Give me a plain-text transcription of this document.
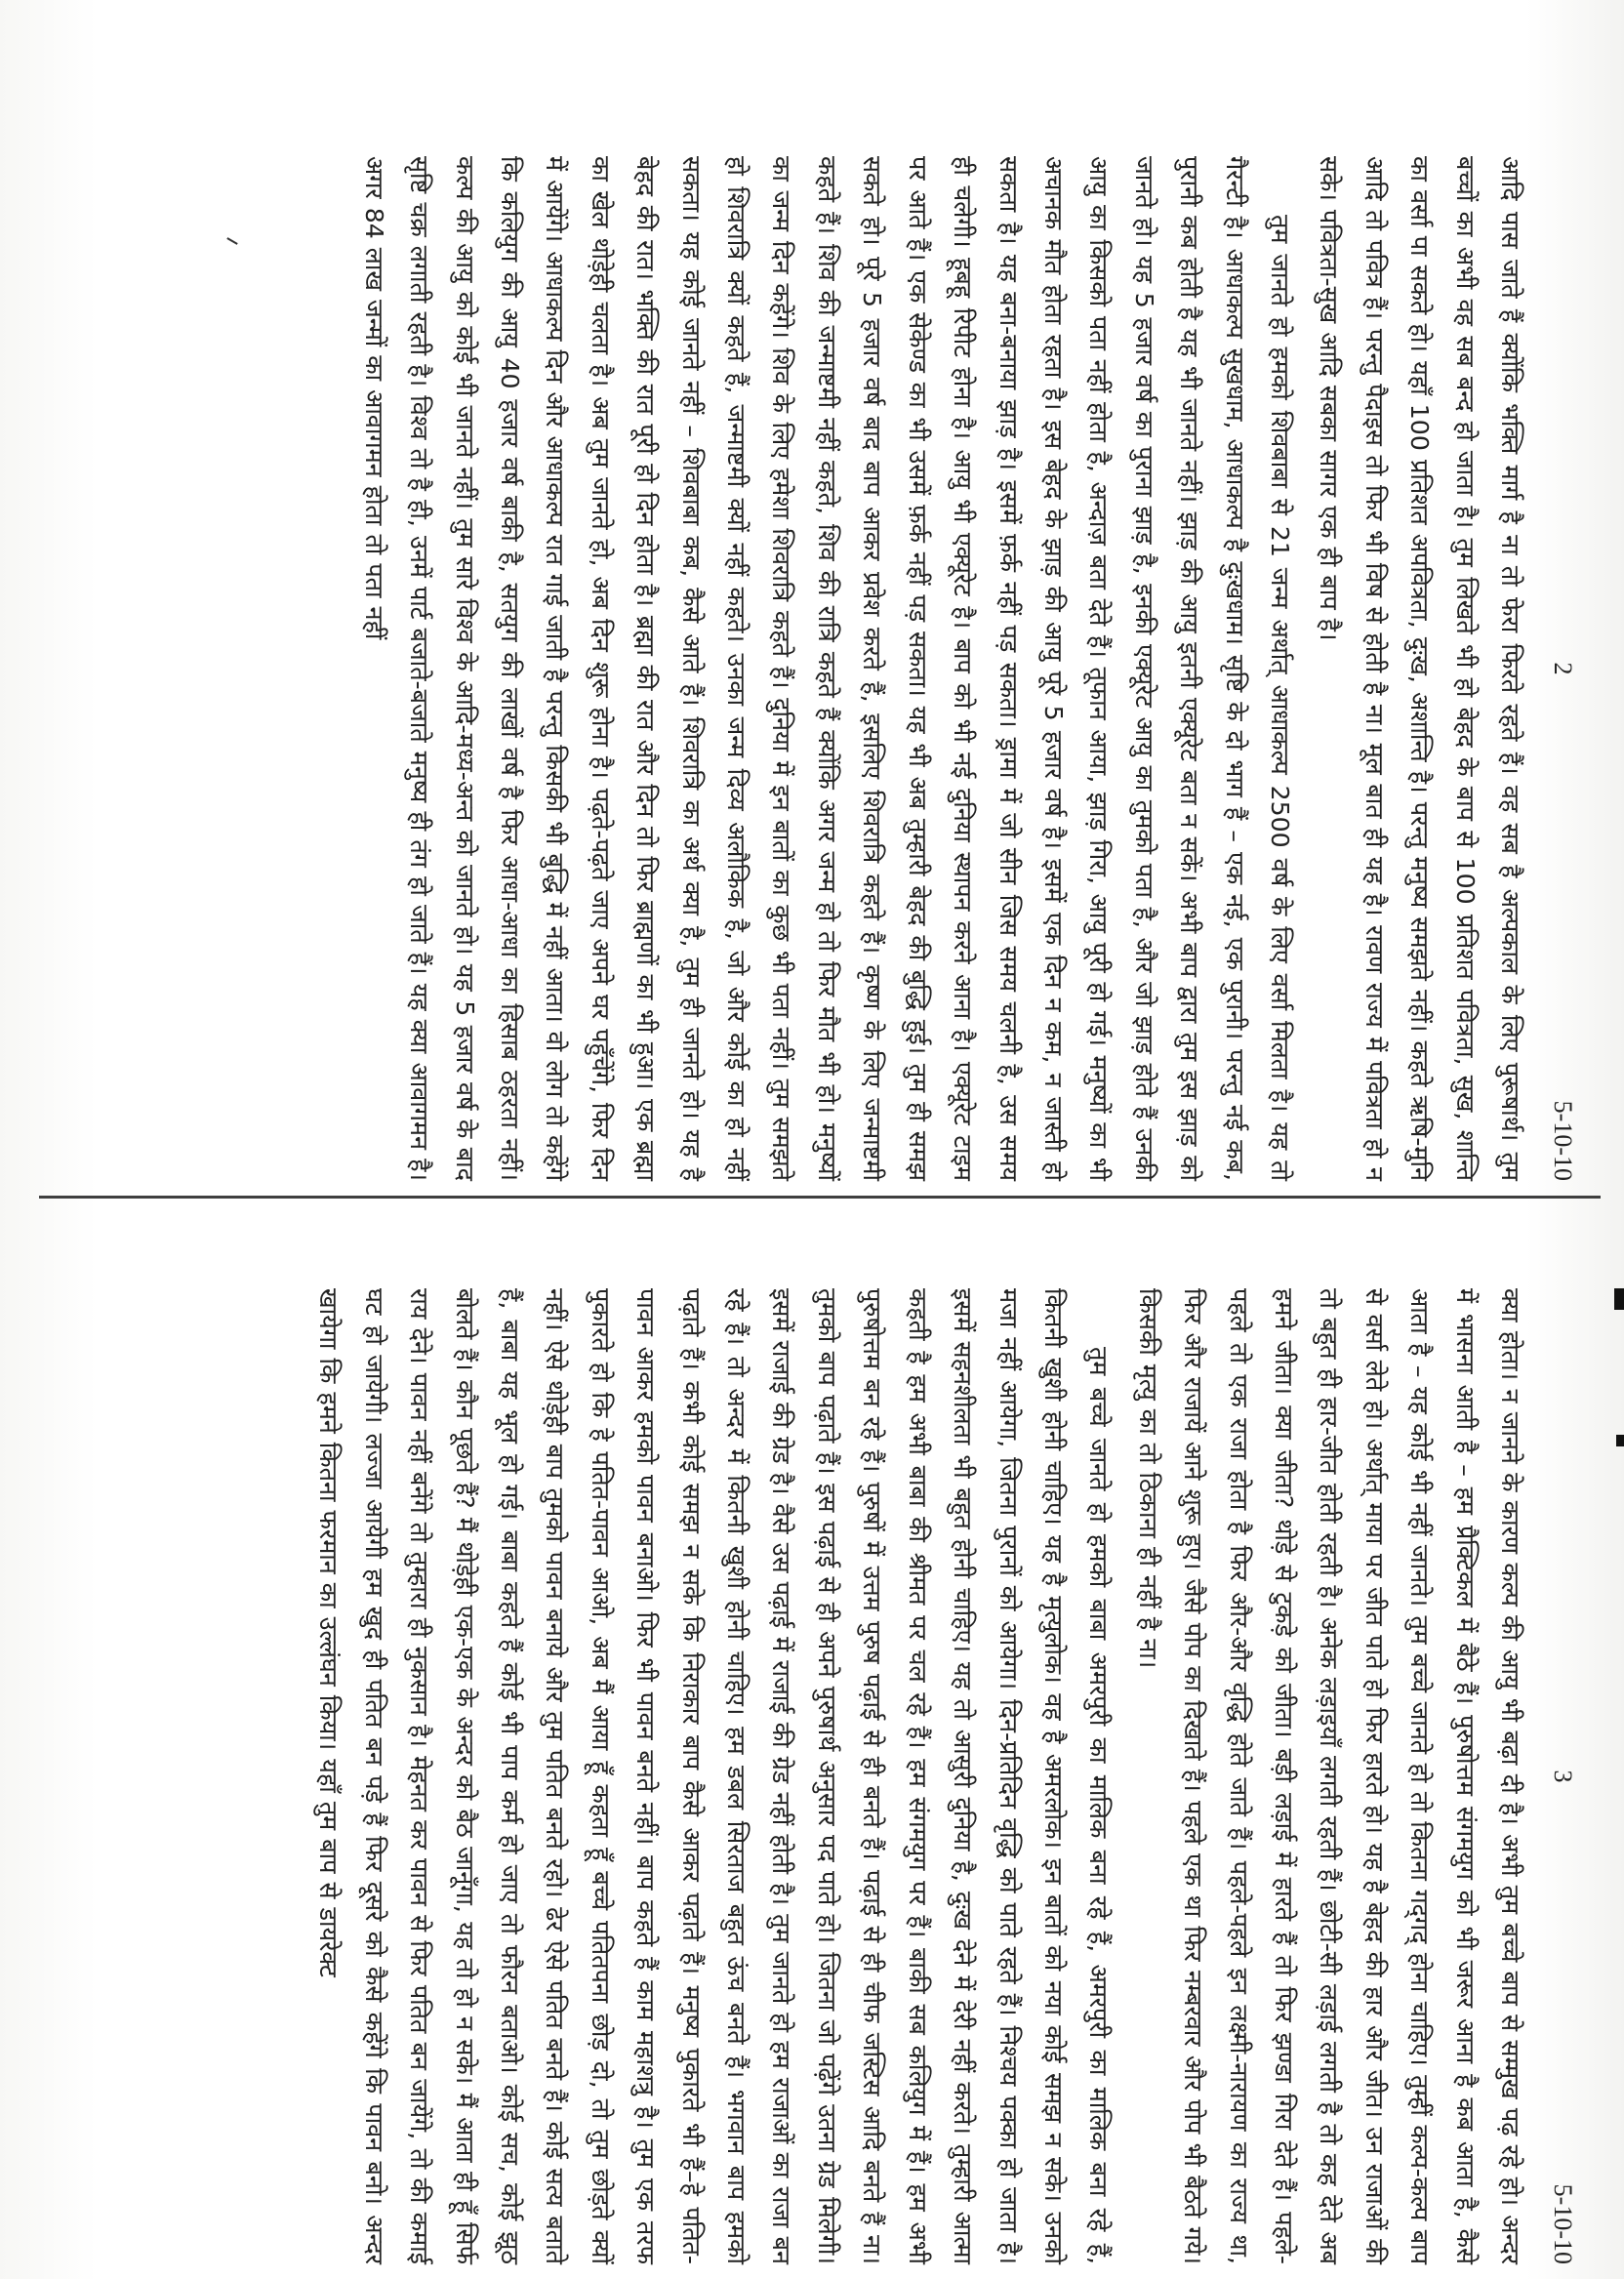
2
5-10-10

आदि पास जाते हैं क्योंकि भक्ति मार्ग है ना तो फेरा फिरते रहते हैं। वह सब है अल्पकाल के लिए पुरूषार्थ। तुम बच्चों का अभी वह सब बन्द हो जाता है। तुम लिखते भी हो बेहद के बाप से 100 प्रतिशत पवित्रता, सुख, शान्ति का वर्सा पा सकते हो। यहाँ 100 प्रतिशत अपवित्रता, दुःख, अशान्ति है। परन्तु मनुष्य समझते नहीं। कहते ऋषि-मुनि आदि तो पवित्र हैं। परन्तु पैदाइस तो फिर भी विष से होती है ना। मूल बात ही यह है। रावण राज्य में पवित्रता हो न सके। पवित्रता-सुख आदि सबका सागर एक ही बाप है।

तुम जानते हो हमको शिवबाबा से 21 जन्म अर्थात् आधाकल्प 2500 वर्ष के लिए वर्सा मिलता है। यह तो गैरन्टी है। आधाकल्प सुखधाम, आधाकल्प है दुःखधाम। सृष्टि के दो भाग हैं – एक नई, एक पुरानी। परन्तु नई कब, पुरानी कब होती है यह भी जानते नहीं। झाड़ की आयु इतनी एक्यूरेट बता न सकें। अभी बाप द्वारा तुम इस झाड़ को जानते हो। यह 5 हजार वर्ष का पुराना झाड़ है, इनकी एक्यूरेट आयु का तुमको पता है, और जो झाड़ होते हैं उनकी आयु का किसको पता नहीं होता है, अन्दाज़ बता देते हैं। तूफान आया, झाड़ गिरा, आयु पूरी हो गई। मनुष्यों का भी अचानक मौत होता रहता है। इस बेहद के झाड़ की आयु पूरे 5 हजार वर्ष है। इसमें एक दिन न कम, न जास्ती हो सकता है। यह बना-बनाया झाड़ है। इसमें फ़र्क नहीं पड़ सकता। ड्रामा में जो सीन जिस समय चलनी है, उस समय ही चलेगी। हूबहू रिपीट होना है। आयु भी एक्यूरेट है। बाप को भी नई दुनिया स्थापन करने आना है। एक्यूरेट टाइम पर आते हैं। एक सेकेण्ड का भी उसमें फ़र्क नहीं पड़ सकता। यह भी अब तुम्हारी बेहद की बुद्धि हुई। तुम ही समझ सकते हो। पूरे 5 हजार वर्ष बाद बाप आकर प्रवेश करते हैं, इसलिए शिवरात्रि कहते हैं। कृष्ण के लिए जन्माष्टमी कहते हैं। शिव की जन्माष्टमी नहीं कहते, शिव की रात्रि कहते हैं क्योंकि अगर जन्म हो तो फिर मौत भी हो। मनुष्यों का जन्म दिन कहेंगे। शिव के लिए हमेशा शिवरात्रि कहते हैं। दुनिया में इन बातों का कुछ भी पता नहीं। तुम समझते हो शिवरात्रि क्यों कहते हैं, जन्माष्टमी क्यों नहीं कहते। उनका जन्म दिव्य अलौकिक है, जो और कोई का हो नहीं सकता। यह कोई जानते नहीं – शिवबाबा कब, कैसे आते हैं। शिवरात्रि का अर्थ क्या है, तुम ही जानते हो। यह है बेहद की रात। भक्ति की रात पूरी हो दिन होता है। ब्रह्मा की रात और दिन तो फिर ब्राह्मणों का भी हुआ। एक ब्रह्मा का खेल थोड़ेही चलता है। अब तुम जानते हो, अब दिन शुरू होना है। पढ़ते-पढ़ते जाए अपने घर पहुँचेंगे, फिर दिन में आयेंगे। आधाकल्प दिन और आधाकल्प रात गाई जाती है परन्तु किसकी भी बुद्धि में नहीं आता। वो लोग तो कहेंगे कि कलियुग की आयु 40 हजार वर्ष बाकी है, सतयुग की लाखों वर्ष है फिर आधा-आधा का हिसाब ठहरता नहीं। कल्प की आयु को कोई भी जानते नहीं। तुम सारे विश्व के आदि-मध्य-अन्त को जानते हो। यह 5 हजार वर्ष के बाद सृष्टि चक्र लगाती रहती है। विश्व तो है ही, उनमें पार्ट बजाते-बजाते मनुष्य ही तंग हो जाते हैं। यह क्या आवागमन है। अगर 84 लाख जन्मों का आवागमन होता तो पता नहीं

3
5-10-10

क्या होता। न जानने के कारण कल्प की आयु भी बढ़ा दी है। अभी तुम बच्चे बाप से सम्मुख पढ़ रहे हो। अन्दर में भासना आती है – हम प्रैक्टिकल में बैठे हैं। पुरुषोत्तम संगमयुग को भी जरूर आना है कब आता है, कैसे आता है – यह कोई भी नहीं जानते। तुम बच्चे जानते हो तो कितना गद्‌गद् होना चाहिए। तुम्हीं कल्प-कल्प बाप से वर्सा लेते हो। अर्थात् माया पर जीत पाते हो फिर हारते हो। यह है बेहद की हार और जीत। उन राजाओं की तो बहुत ही हार-जीत होती रहती है। अनेक लड़ाइयाँ लगती रहती हैं। छोटी-सी लड़ाई लगती है तो कह देते अब हमने जीता। क्या जीता? थोड़े से टुकड़े को जीता। बड़ी लड़ाई में हारते हैं तो फिर झण्डा गिरा देते हैं। पहले-पहले तो एक राजा होता है फिर और-और वृद्धि होते जाते हैं। पहले-पहले इन लक्ष्मी-नारायण का राज्य था, फिर और राजायें आने शुरू हुए। जैसे पोप का दिखाते हैं। पहले एक था फिर नम्बरवार और पोप भी बैठते गये। किसकी मृत्यु का तो ठिकाना ही नहीं है ना।

तुम बच्चे जानते हो हमको बाबा अमरपुरी का मालिक बना रहे हैं, अमरपुरी का मालिक बना रहे हैं, कितनी खुशी होनी चाहिए। यह है मृत्युलोक। वह है अमरलोक। इन बातों को नया कोई समझ न सके। उनको मजा नहीं आयेगा, जितना पुरानों को आयेगा। दिन-प्रतिदिन वृद्धि को पाते रहते हैं। निश्चय पक्का हो जाता है। इसमें सहनशीलता भी बहुत होनी चाहिए। यह तो आसुरी दुनिया है, दुःख देने में देरी नहीं करते। तुम्हारी आत्मा कहती है हम अभी बाबा की श्रीमत पर चल रहे हैं। हम संगमयुग पर हैं। बाकी सब कलियुग में हैं। हम अभी पुरुषोत्तम बन रहे हैं। पुरुषों में उत्तम पुरुष पढ़ाई से ही बनते हैं। पढ़ाई से ही चीफ जस्टिस आदि बनते हैं ना। तुमको बाप पढ़ाते हैं। इस पढ़ाई से ही अपने पुरुषार्थ अनुसार पद पाते हो। जितना जो पढ़ेंगे उतना ग्रेड मिलेगी। इसमें राजाई की ग्रेड है। वैसे उस पढ़ाई में राजाई की ग्रेड नहीं होती है। तुम जानते हो हम राजाओं का राजा बन रहे हैं। तो अन्दर में कितनी खुशी होनी चाहिए। हम डबल सिरताज बहुत ऊंच बनते हैं। भगवान बाप हमको पढ़ाते हैं। कभी कोई समझ न सके कि निराकार बाप कैसे आकर पढ़ाते हैं। मनुष्य पुकारते भी हैं–हे पतित-पावन आकर हमको पावन बनाओ। फिर भी पावन बनते नहीं। बाप कहते हैं काम महाशत्रु है। तुम एक तरफ पुकारते हो कि हे पतित-पावन आओ, अब मैं आया हूँ कहता हूँ बच्चे पतितपना छोड़ दो, तो तुम छोड़ते क्यों नहीं। ऐसे थोड़ेही बाप तुमको पावन बनाये और तुम पतित बनते रहो। ढेर ऐसे पतित बनते हैं। कोई सत्य बताते हैं, बाबा यह भूल हो गई। बाबा कहते हैं कोई भी पाप कर्म हो जाए तो फौरन बताओ। कोई सच, कोई झूठ बोलते हैं। कौन पूछते हैं? मैं थोड़ेही एक-एक के अन्दर को बैठ जानूँगा, यह तो हो न सके। मैं आता ही हूँ सिर्फ राय देने। पावन नहीं बनेंगे तो तुम्हारा ही नुकसान है। मेहनत कर पावन से फिर पतित बन जायेंगे, तो की कमाई घट हो जायेगी। लज्जा आयेगी हम खुद ही पतित बन पड़े हैं फिर दूसरे को कैसे कहेंगे कि पावन बनो। अन्दर खायेगा कि हमने कितना फरमान का उल्लंघन किया। यहाँ तुम बाप से डायरेक्ट
